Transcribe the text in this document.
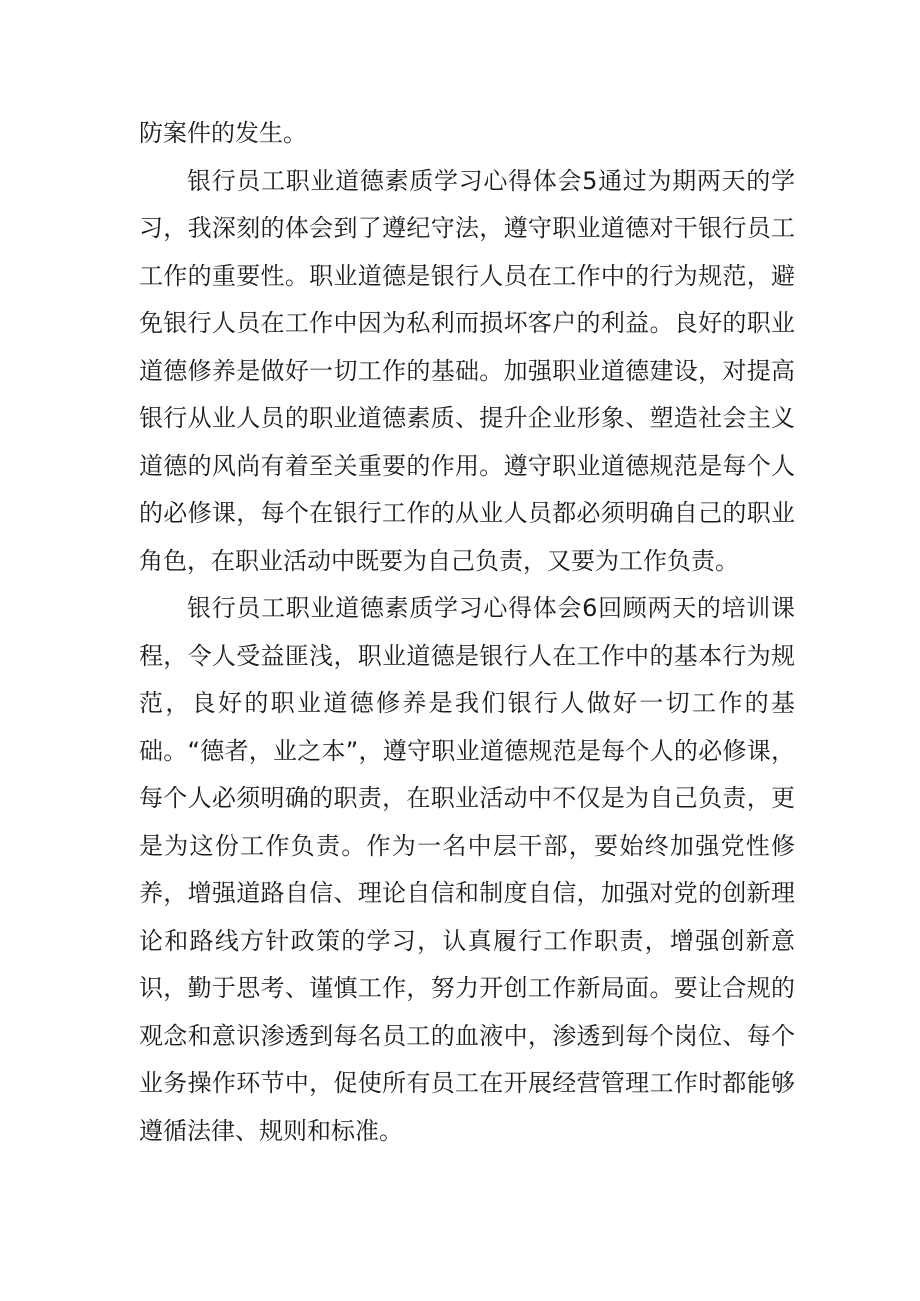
防案件的发生。

银行员工职业道德素质学习心得体会5通过为期两天的学习，我深刻的体会到了遵纪守法，遵守职业道德对干银行员工工作的重要性。职业道德是银行人员在工作中的行为规范，避免银行人员在工作中因为私利而损坏客户的利益。良好的职业道德修养是做好一切工作的基础。加强职业道德建设，对提高银行从业人员的职业道德素质、提升企业形象、塑造社会主义道德的风尚有着至关重要的作用。遵守职业道德规范是每个人的必修课，每个在银行工作的从业人员都必须明确自己的职业角色，在职业活动中既要为自己负责，又要为工作负责。

银行员工职业道德素质学习心得体会6回顾两天的培训课程，令人受益匪浅，职业道德是银行人在工作中的基本行为规范，良好的职业道德修养是我们银行人做好一切工作的基础。“德者，业之本”，遵守职业道德规范是每个人的必修课，每个人必须明确的职责，在职业活动中不仅是为自己负责，更是为这份工作负责。作为一名中层干部，要始终加强党性修养，增强道路自信、理论自信和制度自信，加强对党的创新理论和路线方针政策的学习，认真履行工作职责，增强创新意识，勤于思考、谨慎工作，努力开创工作新局面。要让合规的观念和意识渗透到每名员工的血液中，渗透到每个岗位、每个业务操作环节中，促使所有员工在开展经营管理工作时都能够遵循法律、规则和标准。
